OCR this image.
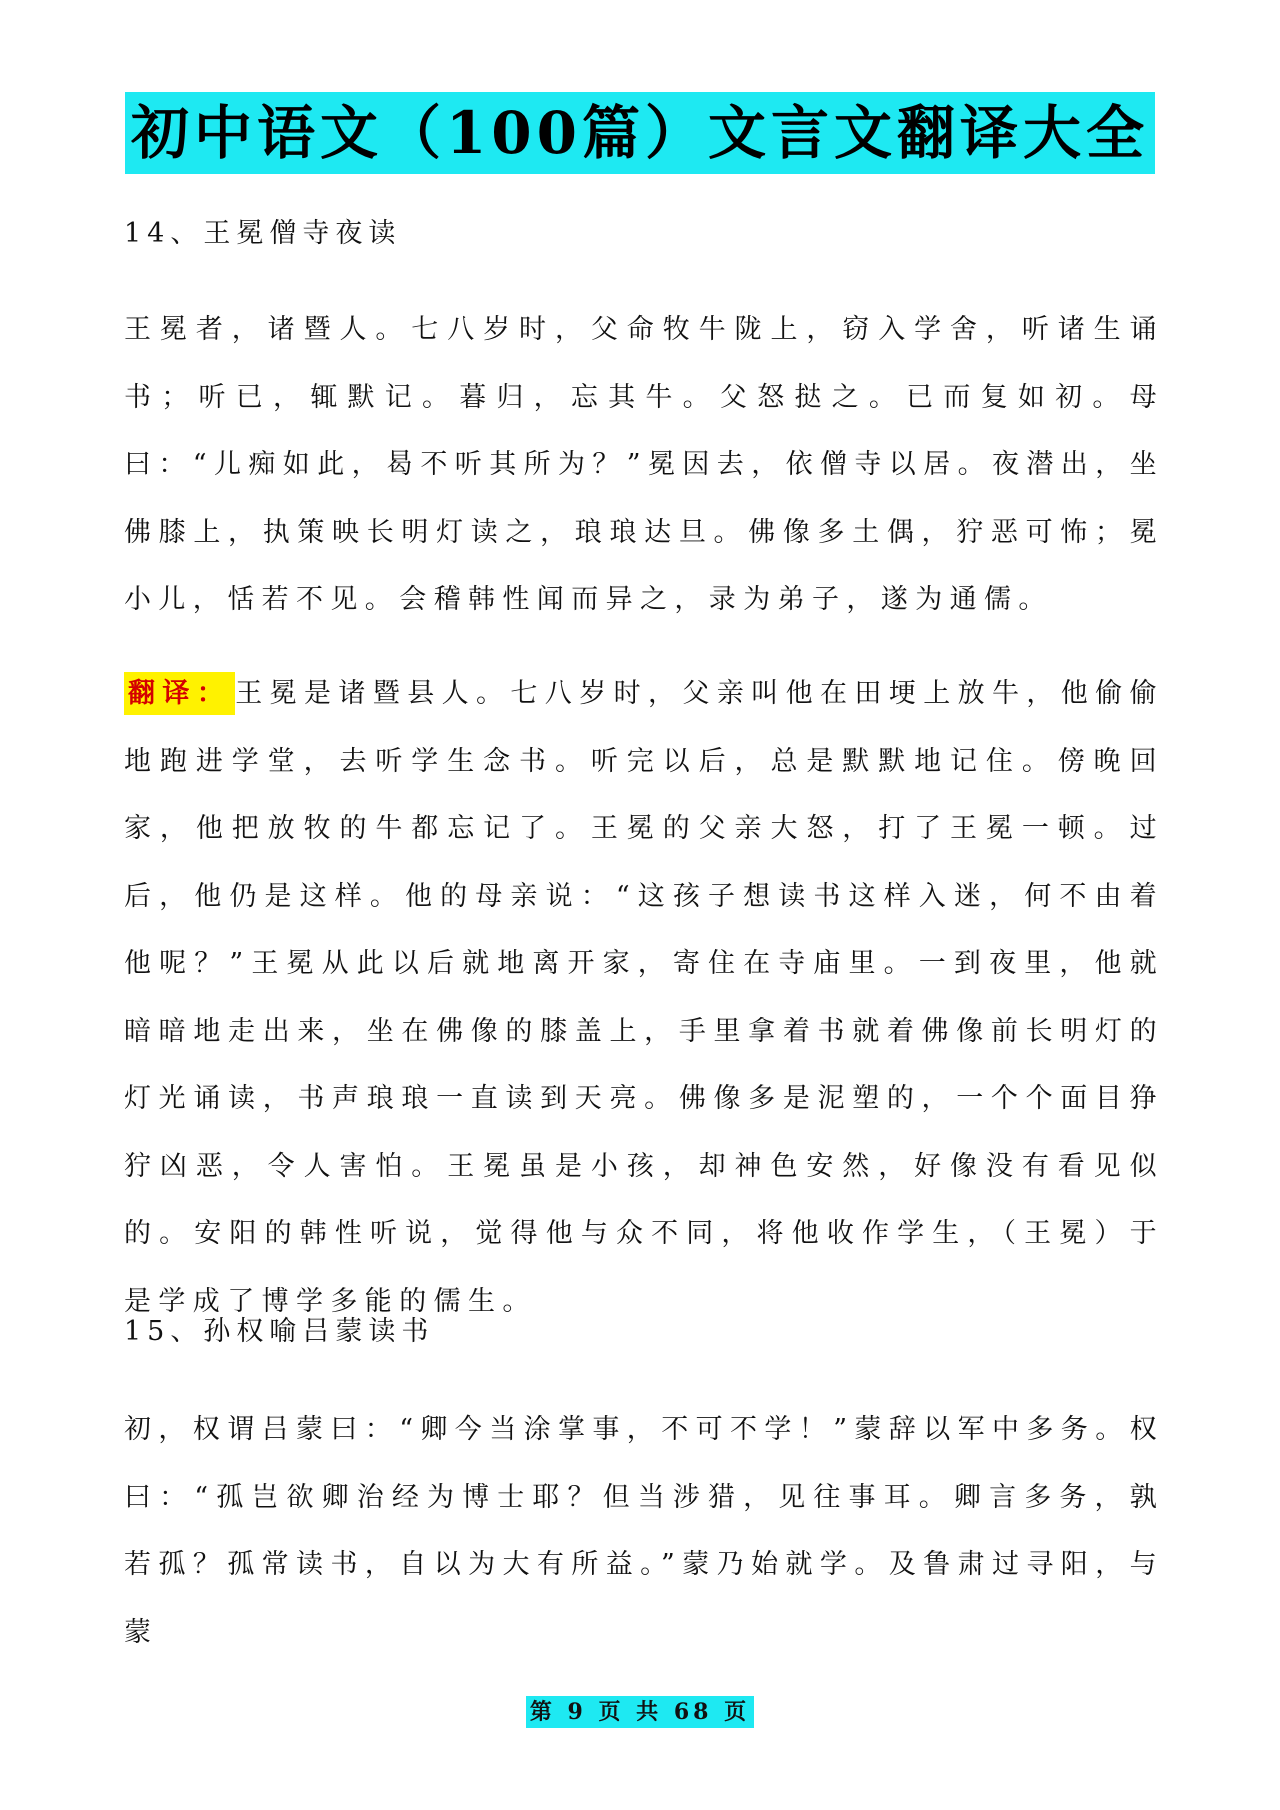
初中语文（100篇）文言文翻译大全
14、王冕僧寺夜读

王冕者，诸暨人。七八岁时，父命牧牛陇上，窃入学舍，听诸生诵书；听已，辄默记。暮归，忘其牛。父怒挞之。已而复如初。母曰：“儿痴如此，曷不听其所为？”冕因去，依僧寺以居。夜潜出，坐佛膝上，执策映长明灯读之，琅琅达旦。佛像多土偶，狞恶可怖；冕小儿，恬若不见。会稽韩性闻而异之，录为弟子，遂为通儒。

翻译： 王冕是诸暨县人。七八岁时，父亲叫他在田埂上放牛，他偷偷地跑进学堂，去听学生念书。听完以后，总是默默地记住。傍晚回家，他把放牧的牛都忘记了。王冕的父亲大怒，打了王冕一顿。过后，他仍是这样。他的母亲说：“这孩子想读书这样入迷，何不由着他呢？”王冕从此以后就地离开家，寄住在寺庙里。一到夜里，他就暗暗地走出来，坐在佛像的膝盖上，手里拿着书就着佛像前长明灯的灯光诵读，书声琅琅一直读到天亮。佛像多是泥塑的，一个个面目狰狞凶恶，令人害怕。王冕虽是小孩，却神色安然，好像没有看见似的。安阳的韩性听说，觉得他与众不同，将他收作学生，（王冕）于是学成了博学多能的儒生。

15、孙权喻吕蒙读书

初，权谓吕蒙曰：“卿今当涂掌事，不可不学！”蒙辞以军中多务。权曰：“孤岂欲卿治经为博士耶？但当涉猎，见往事耳。卿言多务，孰若孤？孤常读书，自以为大有所益。”蒙乃始就学。及鲁肃过寻阳，与蒙

第 9 页 共 68 页
